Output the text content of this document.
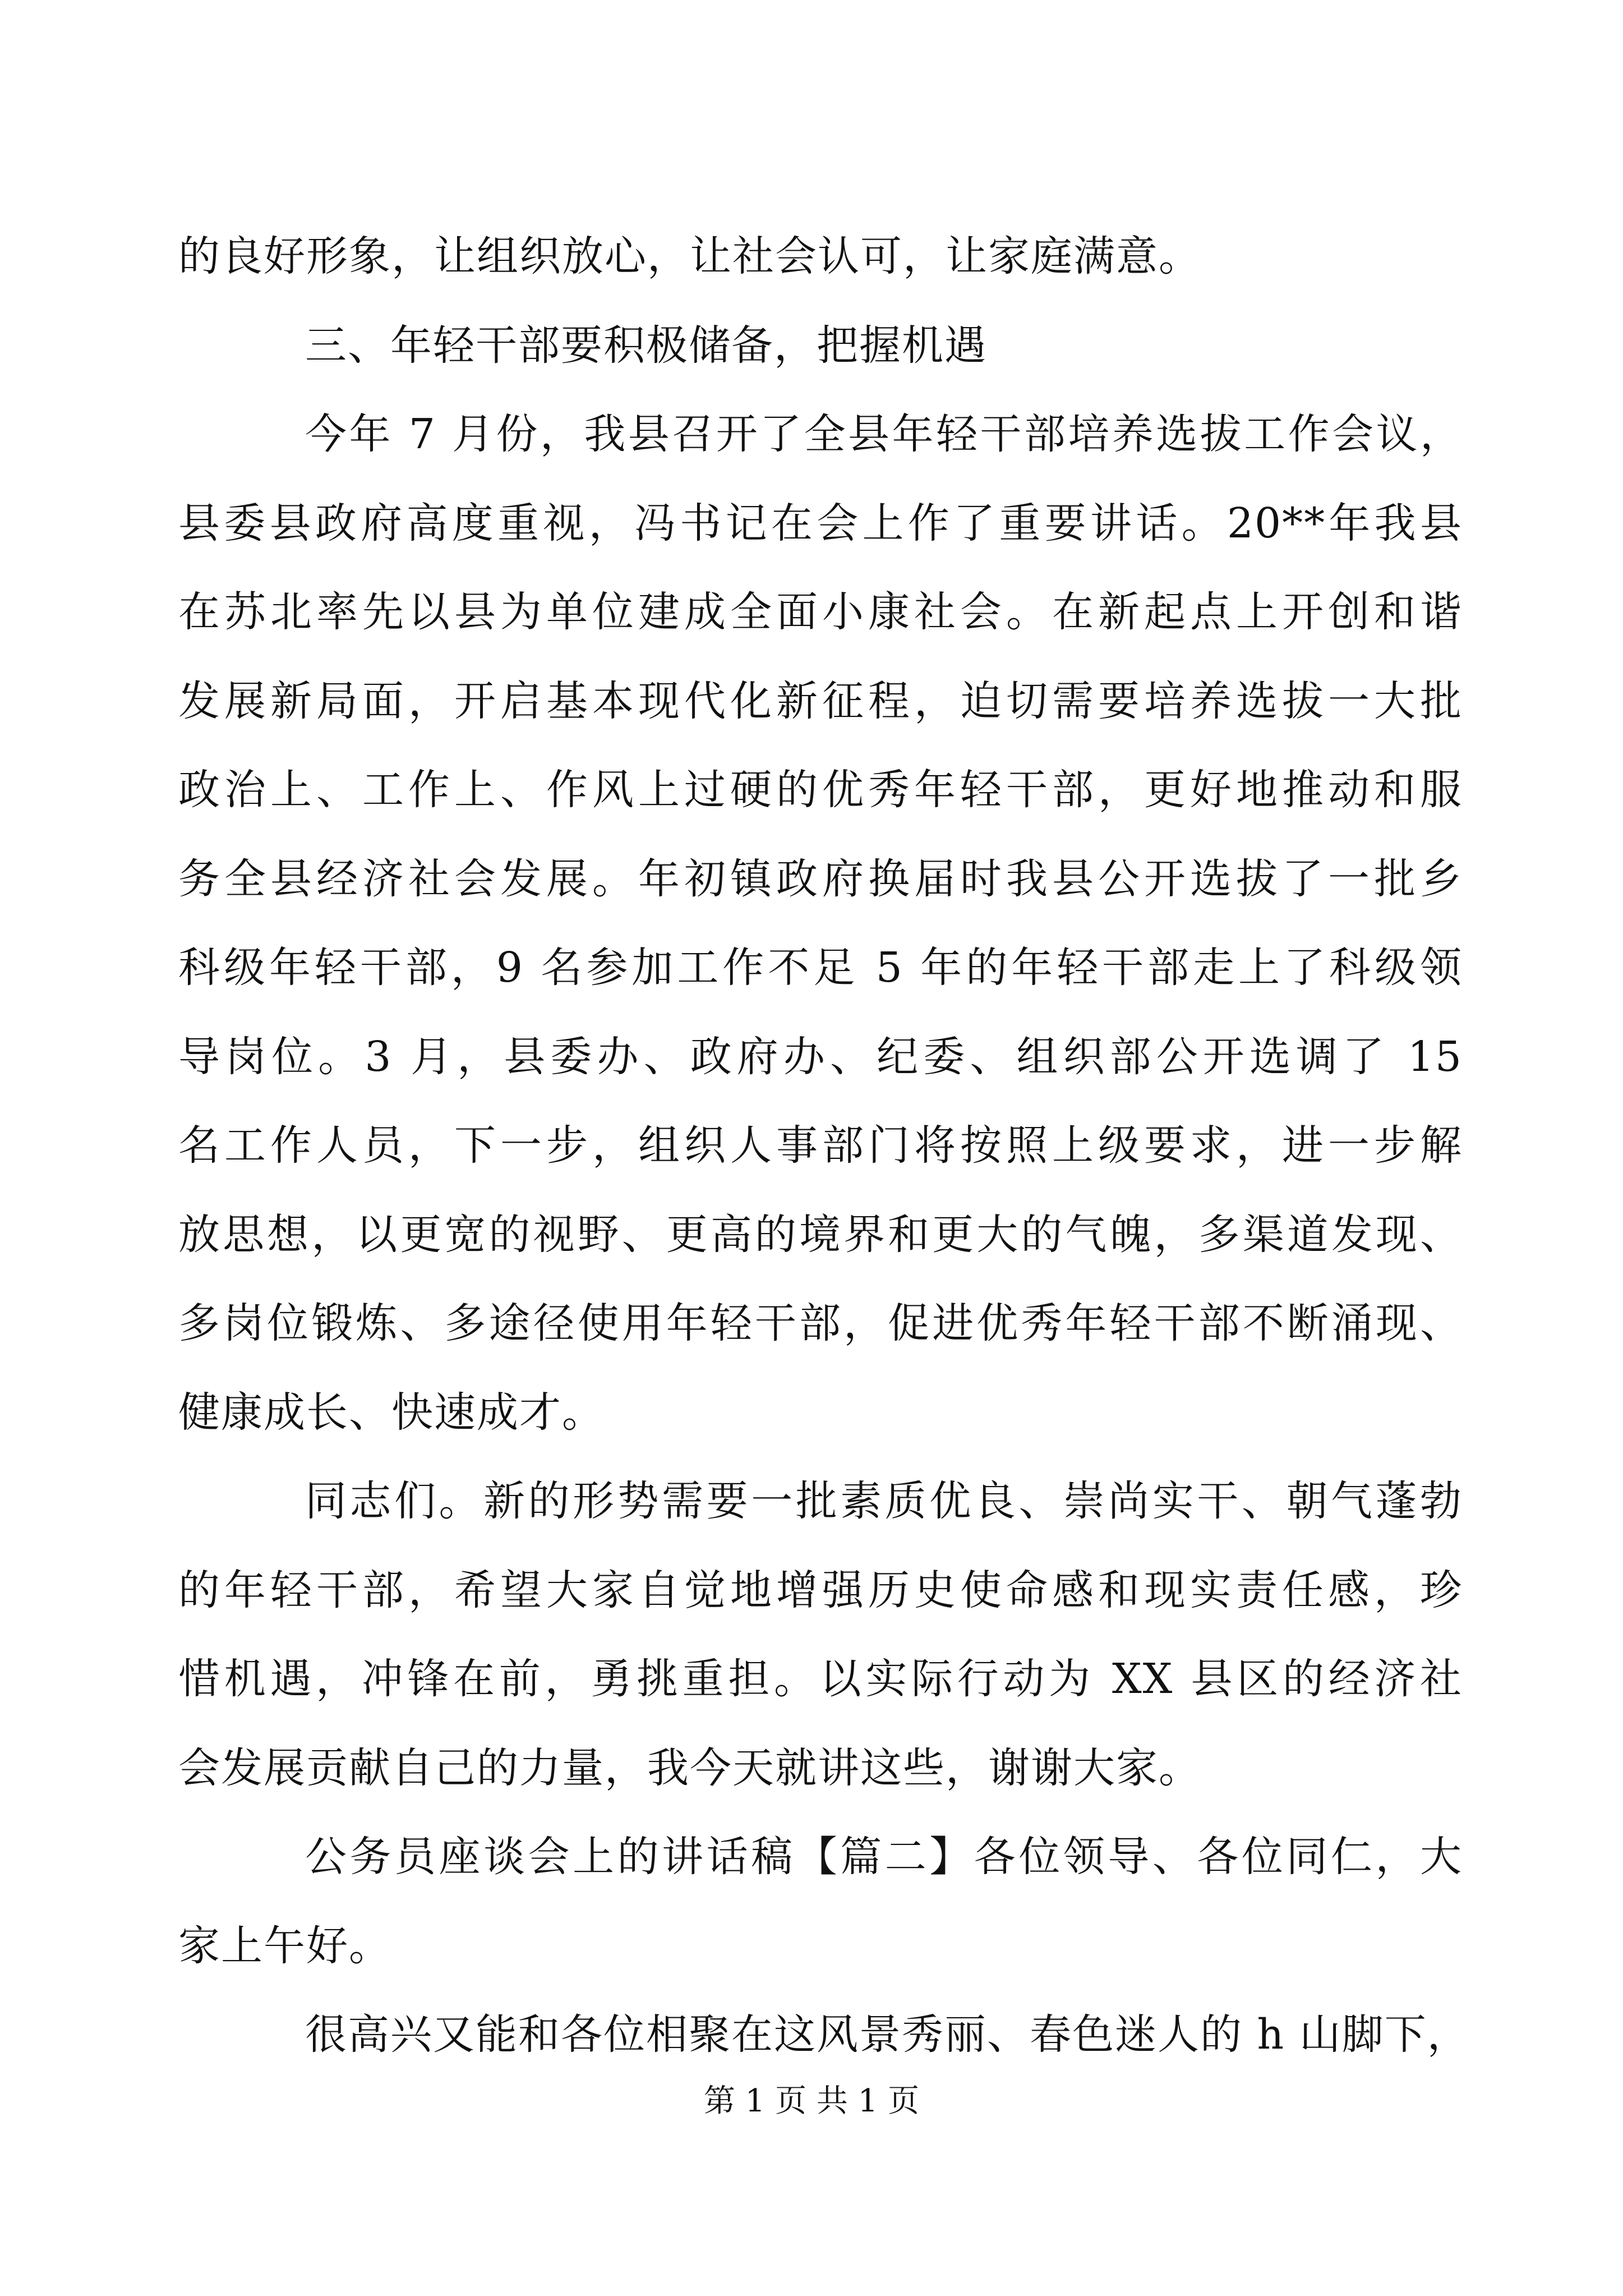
的良好形象，让组织放心，让社会认可，让家庭满意。
三、年轻干部要积极储备，把握机遇
今年 7 月份，我县召开了全县年轻干部培养选拔工作会议，
县委县政府高度重视，冯书记在会上作了重要讲话。20**年我县
在苏北率先以县为单位建成全面小康社会。在新起点上开创和谐
发展新局面，开启基本现代化新征程，迫切需要培养选拔一大批
政治上、工作上、作风上过硬的优秀年轻干部，更好地推动和服
务全县经济社会发展。年初镇政府换届时我县公开选拔了一批乡
科级年轻干部，9 名参加工作不足 5 年的年轻干部走上了科级领
导岗位。3 月，县委办、政府办、纪委、组织部公开选调了 15
名工作人员，下一步，组织人事部门将按照上级要求，进一步解
放思想，以更宽的视野、更高的境界和更大的气魄，多渠道发现、
多岗位锻炼、多途径使用年轻干部，促进优秀年轻干部不断涌现、
健康成长、快速成才。
同志们。新的形势需要一批素质优良、崇尚实干、朝气蓬勃
的年轻干部，希望大家自觉地增强历史使命感和现实责任感，珍
惜机遇，冲锋在前，勇挑重担。以实际行动为 XX 县区的经济社
会发展贡献自己的力量，我今天就讲这些，谢谢大家。
第 1 页 共 1 页
公务员座谈会上的讲话稿【篇二】各位领导、各位同仁，大
家上午好。
很高兴又能和各位相聚在这风景秀丽、春色迷人的 h 山脚下，
